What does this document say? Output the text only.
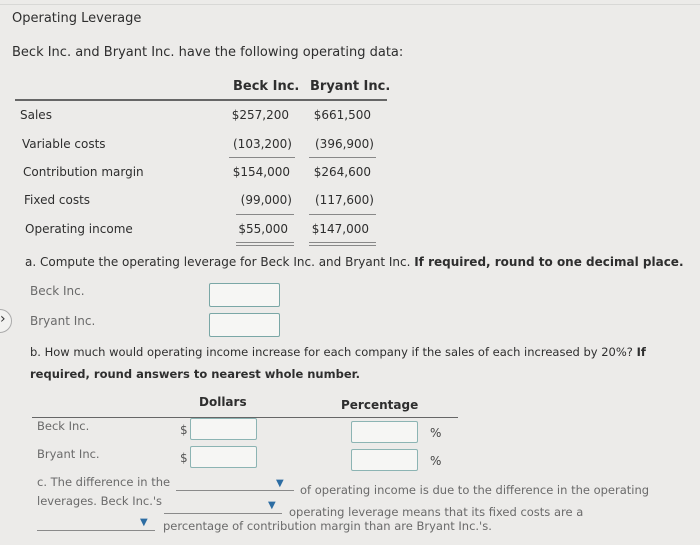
Operating Leverage
Beck Inc. and Bryant Inc. have the following operating data:
Beck Inc. Bryant Inc.
Sales	$257,200	$661,500
Variable costs	(103,200)	(396,900)
Contribution margin	$154,000	$264,600
Fixed costs	(99,000)	(117,600)
Operating income	$55,000	$147,000
a. Compute the operating leverage for Beck Inc. and Bryant Inc. If required, round to one decimal place.
Beck Inc.
› Bryant Inc.
b. How much would operating income increase for each company if the sales of each increased by 20%? If
required, round answers to nearest whole number.
Dollars	Percentage
Beck Inc.	$	%
Bryant Inc.	$	%
c. The difference in the	▼ of operating income is due to the difference in the operating
leverages. Beck Inc.'s	▼ operating leverage means that its fixed costs are a
▼ percentage of contribution margin than are Bryant Inc.'s.
